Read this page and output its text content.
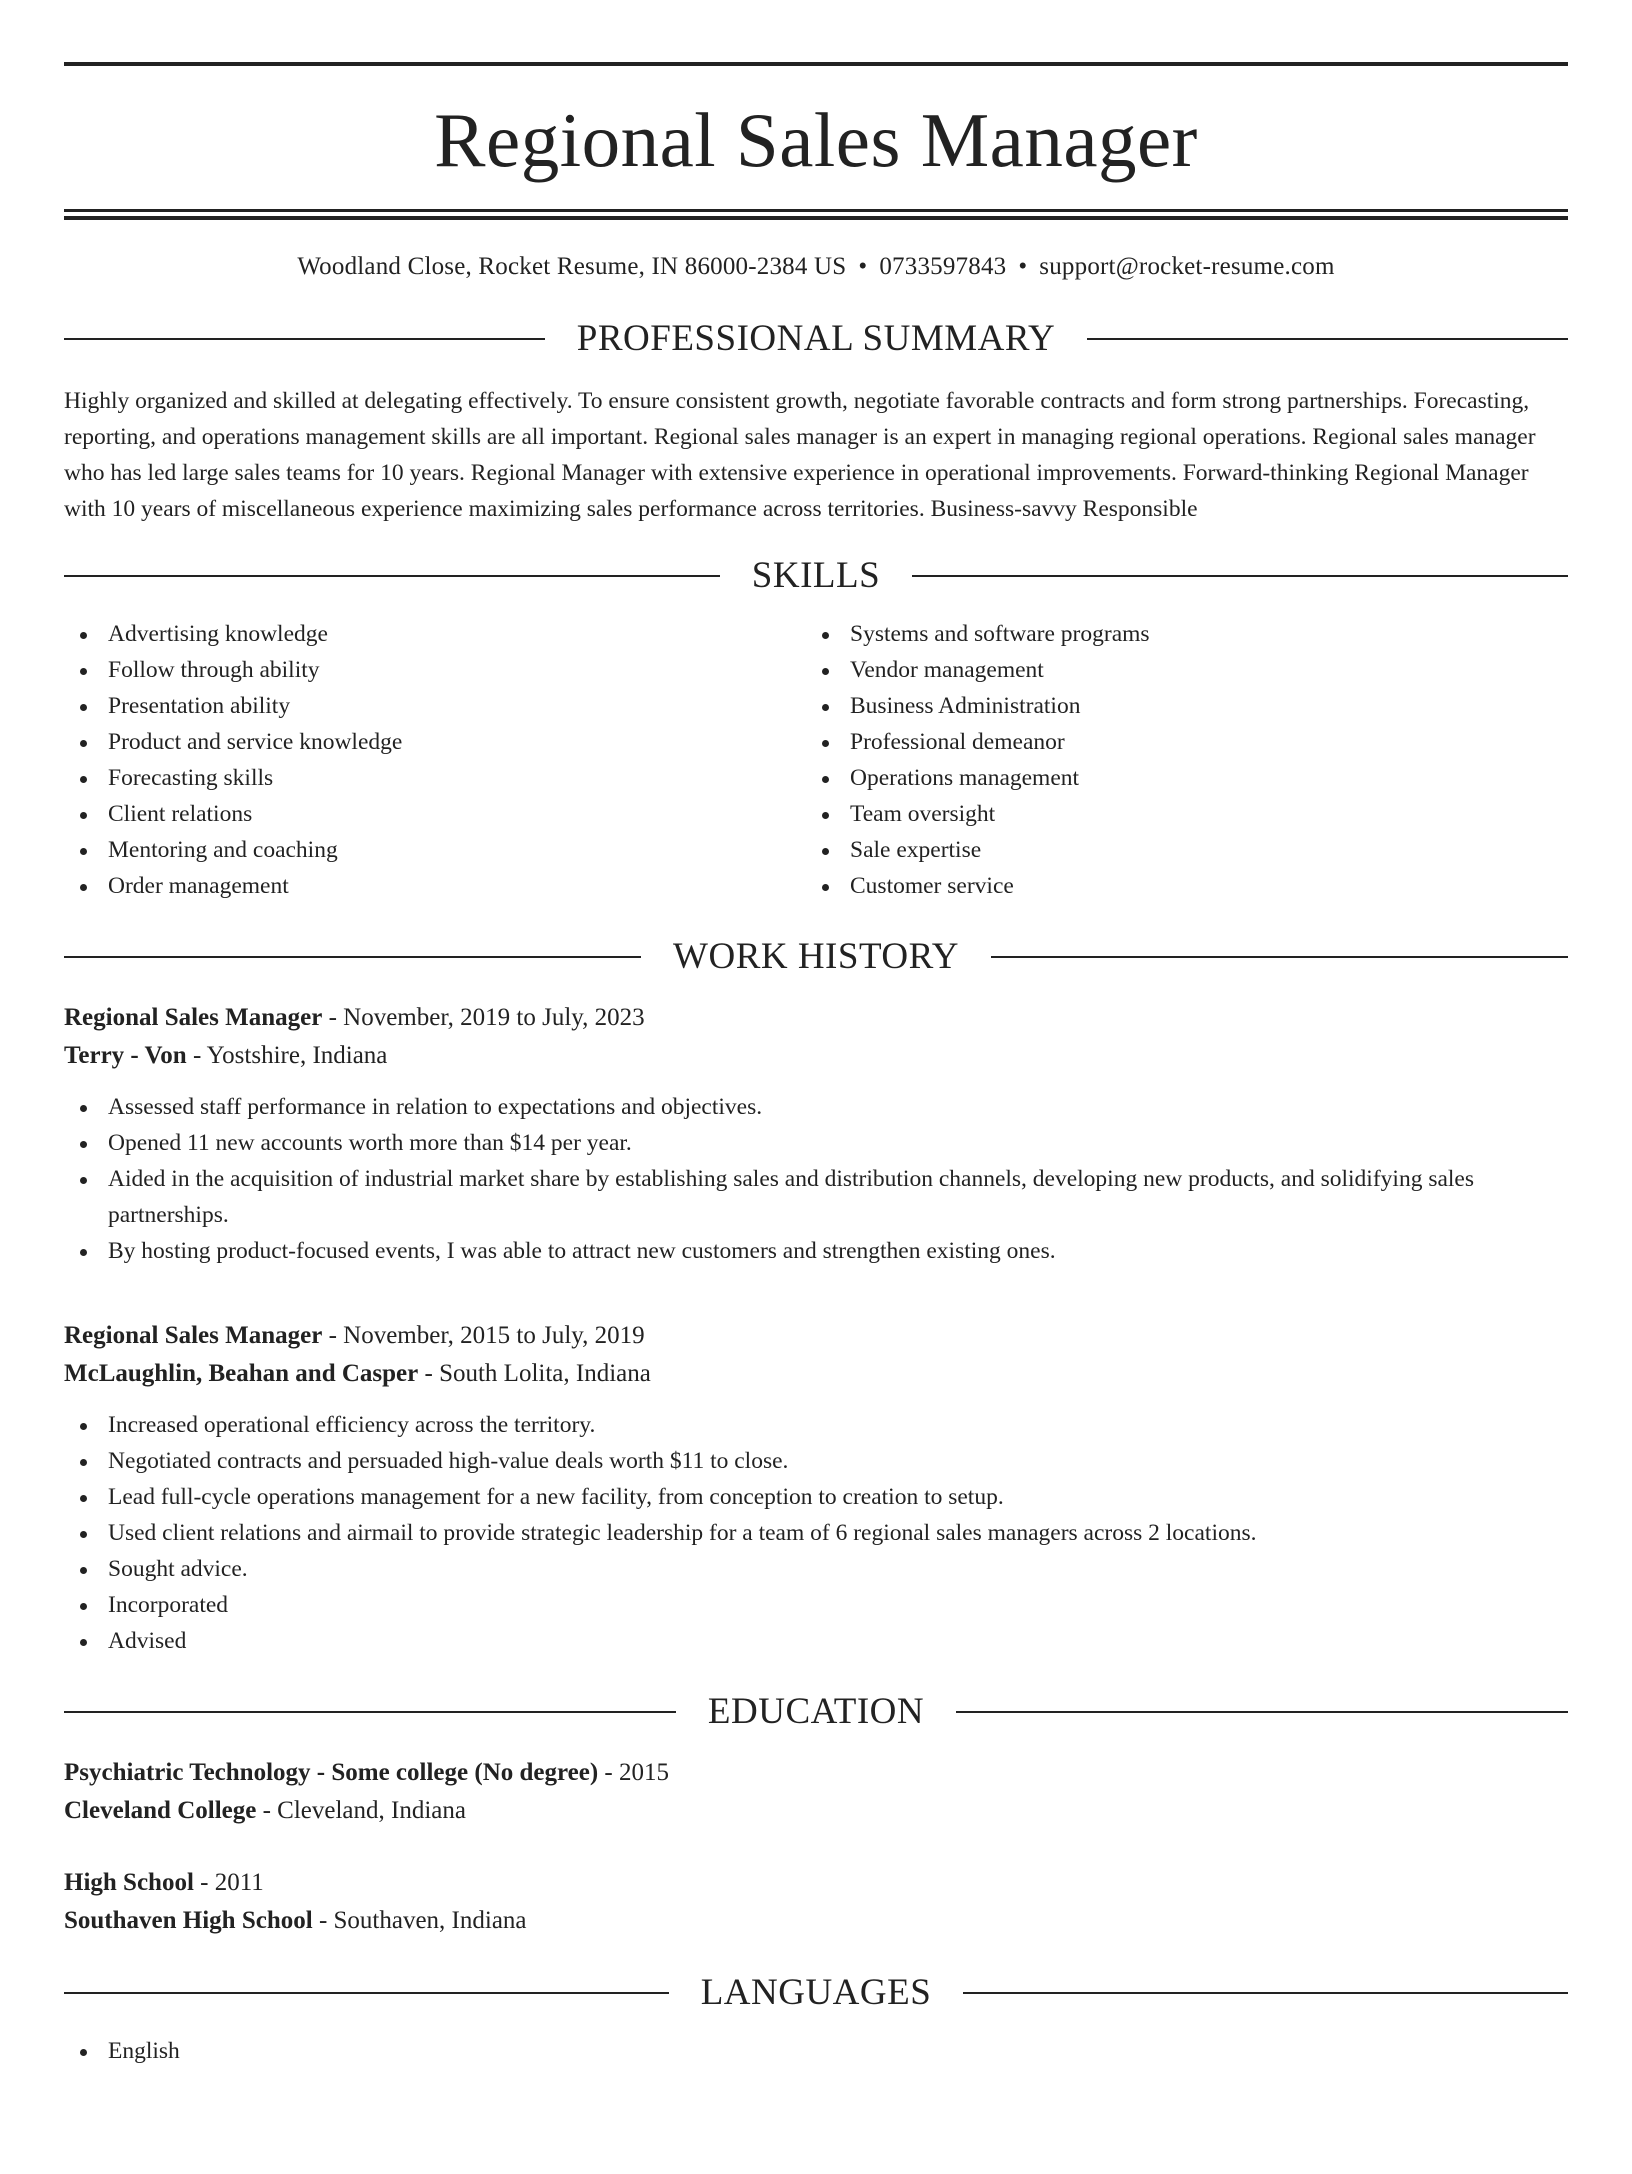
Regional Sales Manager
Woodland Close, Rocket Resume, IN 86000-2384 US • 0733597843 • support@rocket-resume.com
PROFESSIONAL SUMMARY

Highly organized and skilled at delegating effectively. To ensure consistent growth, negotiate favorable contracts and form strong partnerships. Forecasting, reporting, and operations management skills are all important. Regional sales manager is an expert in managing regional operations. Regional sales manager who has led large sales teams for 10 years. Regional Manager with extensive experience in operational improvements. Forward-thinking Regional Manager with 10 years of miscellaneous experience maximizing sales performance across territories. Business-savvy Responsible

SKILLS
Advertising knowledge
Follow through ability
Presentation ability
Product and service knowledge
Forecasting skills
Client relations
Mentoring and coaching
Order management
Systems and software programs
Vendor management
Business Administration
Professional demeanor
Operations management
Team oversight
Sale expertise
Customer service
WORK HISTORY
Regional Sales Manager - November, 2019 to July, 2023
Terry - Von - Yostshire, Indiana
Assessed staff performance in relation to expectations and objectives.
Opened 11 new accounts worth more than $14 per year.
Aided in the acquisition of industrial market share by establishing sales and distribution channels, developing new products, and solidifying sales partnerships.
By hosting product-focused events, I was able to attract new customers and strengthen existing ones.
Regional Sales Manager - November, 2015 to July, 2019
McLaughlin, Beahan and Casper - South Lolita, Indiana
Increased operational efficiency across the territory.
Negotiated contracts and persuaded high-value deals worth $11 to close.
Lead full-cycle operations management for a new facility, from conception to creation to setup.
Used client relations and airmail to provide strategic leadership for a team of 6 regional sales managers across 2 locations.
Sought advice.
Incorporated
Advised
EDUCATION
Psychiatric Technology - Some college (No degree) - 2015
Cleveland College - Cleveland, Indiana
High School - 2011
Southaven High School - Southaven, Indiana
LANGUAGES
English
